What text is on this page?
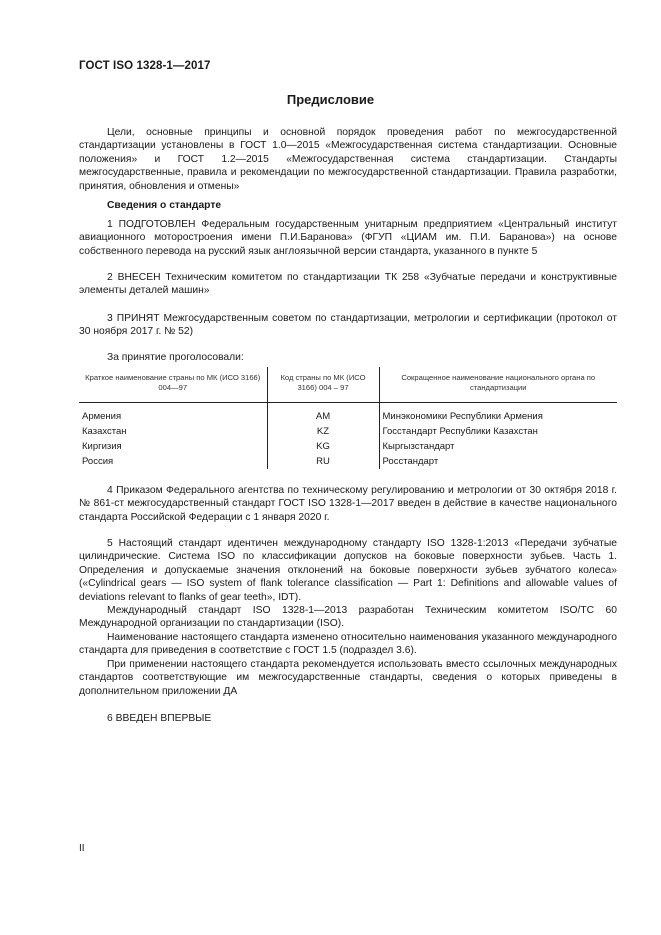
ГОСТ ISO 1328-1—2017
Предисловие
Цели, основные принципы и основной порядок проведения работ по межгосударственной стандартизации установлены в ГОСТ 1.0—2015 «Межгосударственная система стандартизации. Основные положения» и ГОСТ 1.2—2015 «Межгосударственная система стандартизации. Стандарты межгосударственные, правила и рекомендации по межгосударственной стандартизации. Правила разработки, принятия, обновления и отмены»
Сведения о стандарте
1 ПОДГОТОВЛЕН Федеральным государственным унитарным предприятием «Центральный институт авиационного моторостроения имени П.И.Баранова» (ФГУП «ЦИАМ им. П.И. Баранова») на основе собственного перевода на русский язык англоязычной версии стандарта, указанного в пункте 5
2 ВНЕСЕН Техническим комитетом по стандартизации ТК 258 «Зубчатые передачи и конструктивные элементы деталей машин»
3 ПРИНЯТ Межгосударственным советом по стандартизации, метрологии и сертификации (протокол от 30 ноября 2017 г. № 52)
За принятие проголосовали:
Краткое наименование страны по МК (ИСО 3166) 004—97	Код страны по МК (ИСО 3166) 004 – 97	Сокращенное наименование национального органа по стандартизации

Армения	AM	Минэкономики Республики Армения
Казахстан	KZ	Госстандарт Республики Казахстан
Киргизия	KG	Кыргызстандарт
Россия	RU	Росстандарт
4 Приказом Федерального агентства по техническому регулированию и метрологии от 30 октября 2018 г. № 861-ст межгосударственный стандарт ГОСТ ISO 1328-1—2017 введен в действие в качестве национального стандарта Российской Федерации с 1 января 2020 г.
5 Настоящий стандарт идентичен международному стандарту ISO 1328-1:2013 «Передачи зубчатые цилиндрические. Система ISO по классификации допусков на боковые поверхности зубьев. Часть 1. Определения и допускаемые значения отклонений на боковые поверхности зубьев зубчатого колеса» («Cylindrical gears — ISO system of flank tolerance classification — Part 1: Definitions and allowable values of deviations relevant to flanks of gear teeth», IDT).
Международный стандарт ISO 1328-1—2013 разработан Техническим комитетом ISO/TC 60 Международной организации по стандартизации (ISO).
Наименование настоящего стандарта изменено относительно наименования указанного международного стандарта для приведения в соответствие с ГОСТ 1.5 (подраздел 3.6).
При применении настоящего стандарта рекомендуется использовать вместо ссылочных международных стандартов соответствующие им межгосударственные стандарты, сведения о которых приведены в дополнительном приложении ДА
6 ВВЕДЕН ВПЕРВЫЕ
II
